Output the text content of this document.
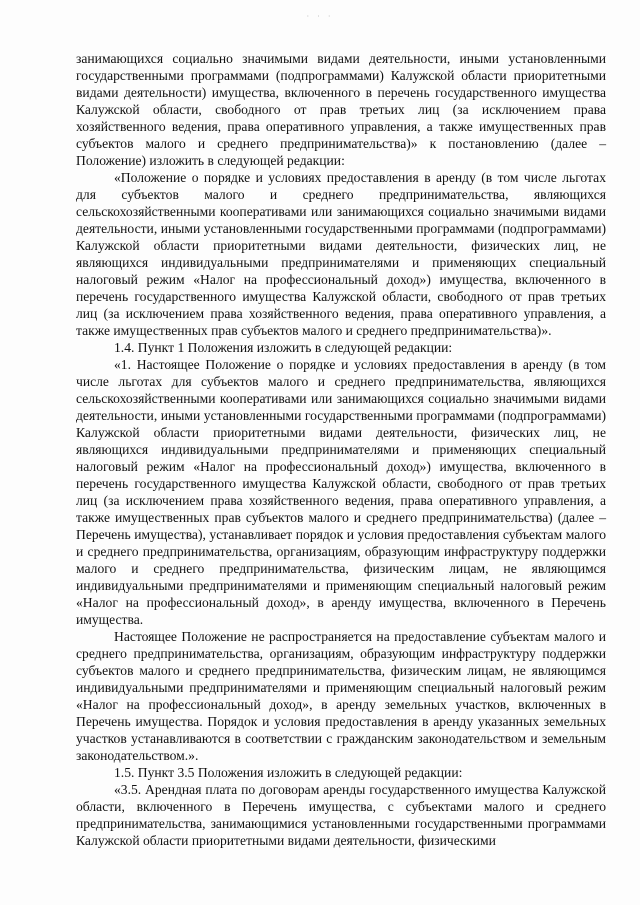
· · ·

занимающихся социально значимыми видами деятельности, иными установленными государственными программами (подпрограммами) Калужской области приоритетными видами деятельности) имущества, включенного в перечень государственного имущества Калужской области, свободного от прав третьих лиц (за исключением права хозяйственного ведения, права оперативного управления, а также имущественных прав субъектов малого и среднего предпринимательства)» к постановлению (далее – Положение) изложить в следующей редакции:

«Положение о порядке и условиях предоставления в аренду (в том числе льготах для субъектов малого и среднего предпринимательства, являющихся сельскохозяйственными кооперативами или занимающихся социально значимыми видами деятельности, иными установленными государственными программами (подпрограммами) Калужской области приоритетными видами деятельности, физических лиц, не являющихся индивидуальными предпринимателями и применяющих специальный налоговый режим «Налог на профессиональный доход») имущества, включенного в перечень государственного имущества Калужской области, свободного от прав третьих лиц (за исключением права хозяйственного ведения, права оперативного управления, а также имущественных прав субъектов малого и среднего предпринимательства)».

1.4. Пункт 1 Положения изложить в следующей редакции:

«1. Настоящее Положение о порядке и условиях предоставления в аренду (в том числе льготах для субъектов малого и среднего предпринимательства, являющихся сельскохозяйственными кооперативами или занимающихся социально значимыми видами деятельности, иными установленными государственными программами (подпрограммами) Калужской области приоритетными видами деятельности, физических лиц, не являющихся индивидуальными предпринимателями и применяющих специальный налоговый режим «Налог на профессиональный доход») имущества, включенного в перечень государственного имущества Калужской области, свободного от прав третьих лиц (за исключением права хозяйственного ведения, права оперативного управления, а также имущественных прав субъектов малого и среднего предпринимательства) (далее – Перечень имущества), устанавливает порядок и условия предоставления субъектам малого и среднего предпринимательства, организациям, образующим инфраструктуру поддержки малого и среднего предпринимательства, физическим лицам, не являющимся индивидуальными предпринимателями и применяющим специальный налоговый режим «Налог на профессиональный доход», в аренду имущества, включенного в Перечень имущества.

Настоящее Положение не распространяется на предоставление субъектам малого и среднего предпринимательства, организациям, образующим инфраструктуру поддержки субъектов малого и среднего предпринимательства, физическим лицам, не являющимся индивидуальными предпринимателями и применяющим специальный налоговый режим «Налог на профессиональный доход», в аренду земельных участков, включенных в Перечень имущества. Порядок и условия предоставления в аренду указанных земельных участков устанавливаются в соответствии с гражданским законодательством и земельным законодательством.».

1.5. Пункт 3.5 Положения изложить в следующей редакции:

«3.5. Арендная плата по договорам аренды государственного имущества Калужской области, включенного в Перечень имущества, с субъектами малого и среднего предпринимательства, занимающимися установленными государственными программами Калужской области приоритетными видами деятельности, физическими
